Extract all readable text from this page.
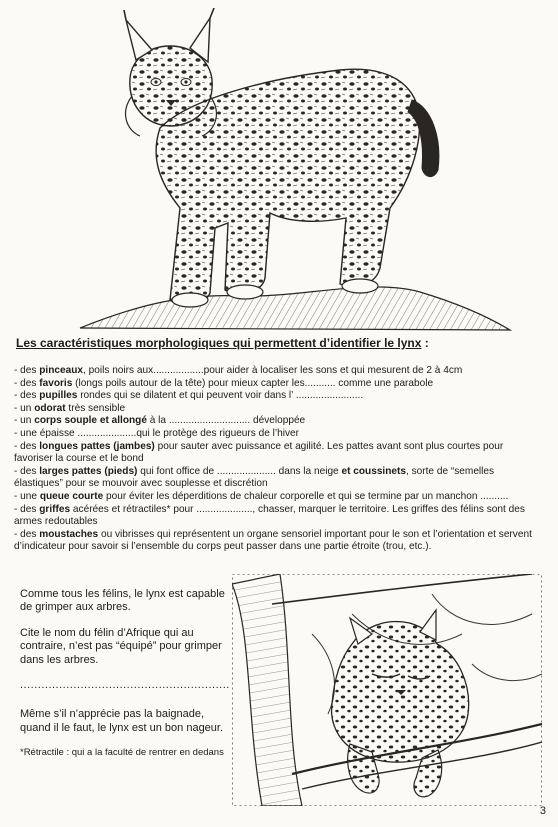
Les caractéristiques morphologiques qui permettent d’identifier le lynx :
- des pinceaux, poils noirs aux..................pour aider à localiser les sons et qui mesurent de 2 à 4cm
- des favoris (longs poils autour de la tête) pour mieux capter les........... comme une parabole
- des pupilles rondes qui se dilatent et qui peuvent voir dans l’ ........................
- un odorat très sensible
- un corps souple et allongé à la ............................. développée
- une épaisse .....................qui le protège des rigueurs de l’hiver
- des longues pattes (jambes) pour sauter avec puissance et agilité. Les pattes avant sont plus courtes pour favoriser la course et le bond
- des larges pattes (pieds) qui font office de ..................... dans la neige et coussinets, sorte de “semelles élastiques” pour se mouvoir avec souplesse et discrétion
- une queue courte pour éviter les déperditions de chaleur corporelle et qui se termine par un manchon ..........
- des griffes acérées et rétractiles* pour ...................., chasser, marquer le territoire. Les griffes des félins sont des armes redoutables
- des moustaches ou vibrisses qui représentent un organe sensoriel important pour le son et l’orientation et servent d’indicateur pour savoir si l’ensemble du corps peut passer dans une partie étroite (trou, etc.).

Comme tous les félins, le lynx est capable de grimper aux arbres.

Cite le nom du félin d’Afrique qui au contraire, n’est pas “équipé” pour grimper dans les arbres.

...........................................................

Même s’il n’apprécie pas la baignade, quand il le faut, le lynx est un bon nageur.

*Rétractile : qui a la faculté de rentrer en dedans
3
